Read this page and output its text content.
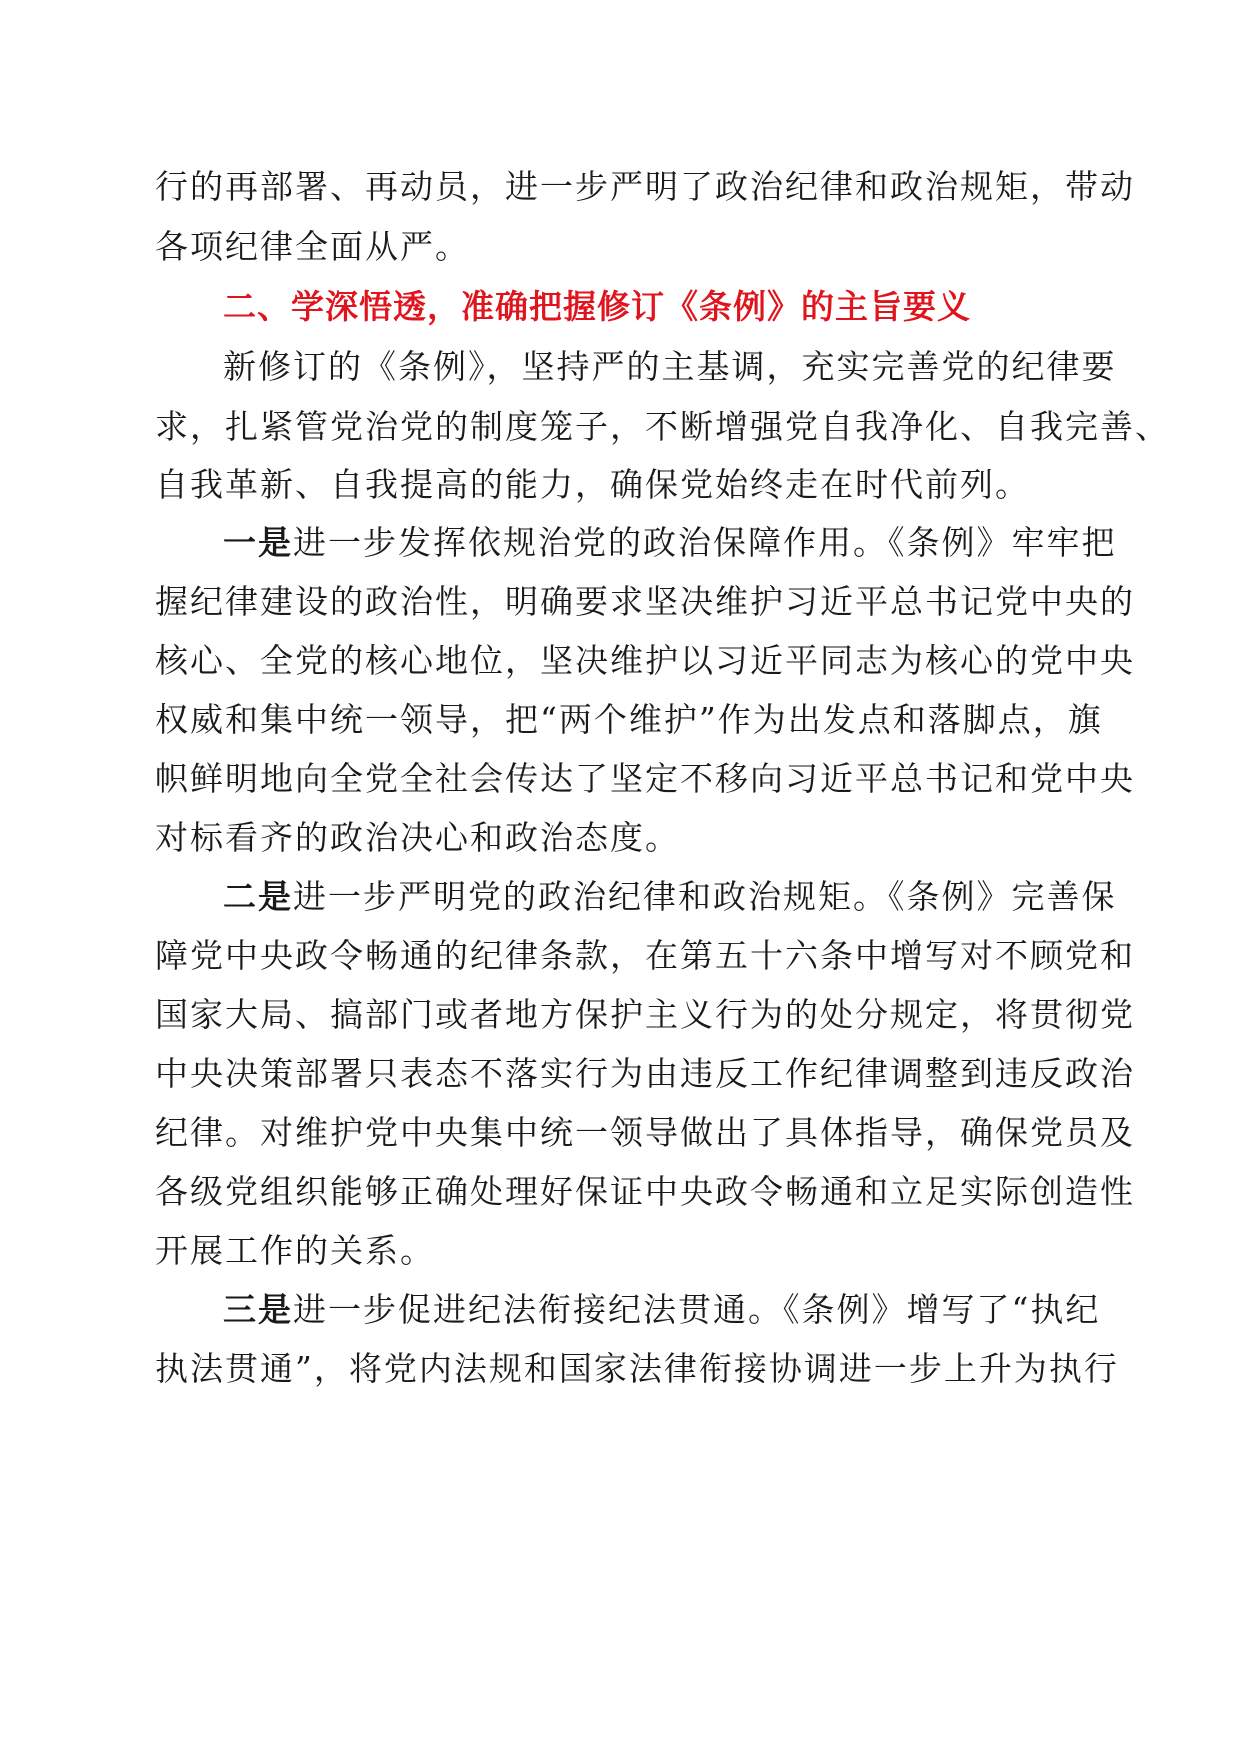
行的再部署、再动员，进一步严明了政治纪律和政治规矩，带动
各项纪律全面从严。
二、学深悟透，准确把握修订《条例》的主旨要义
新修订的《条例》，坚持严的主基调，充实完善党的纪律要
求，扎紧管党治党的制度笼子，不断增强党自我净化、自我完善、
自我革新、自我提高的能力，确保党始终走在时代前列。
一是进一步发挥依规治党的政治保障作用。《条例》牢牢把
握纪律建设的政治性，明确要求坚决维护习近平总书记党中央的
核心、全党的核心地位，坚决维护以习近平同志为核心的党中央
权威和集中统一领导，把“两个维护”作为出发点和落脚点，旗
帜鲜明地向全党全社会传达了坚定不移向习近平总书记和党中央
对标看齐的政治决心和政治态度。
二是进一步严明党的政治纪律和政治规矩。《条例》完善保
障党中央政令畅通的纪律条款，在第五十六条中增写对不顾党和
国家大局、搞部门或者地方保护主义行为的处分规定，将贯彻党
中央决策部署只表态不落实行为由违反工作纪律调整到违反政治
纪律。对维护党中央集中统一领导做出了具体指导，确保党员及
各级党组织能够正确处理好保证中央政令畅通和立足实际创造性
开展工作的关系。
三是进一步促进纪法衔接纪法贯通。《条例》增写了“执纪
执法贯通”，将党内法规和国家法律衔接协调进一步上升为执行
